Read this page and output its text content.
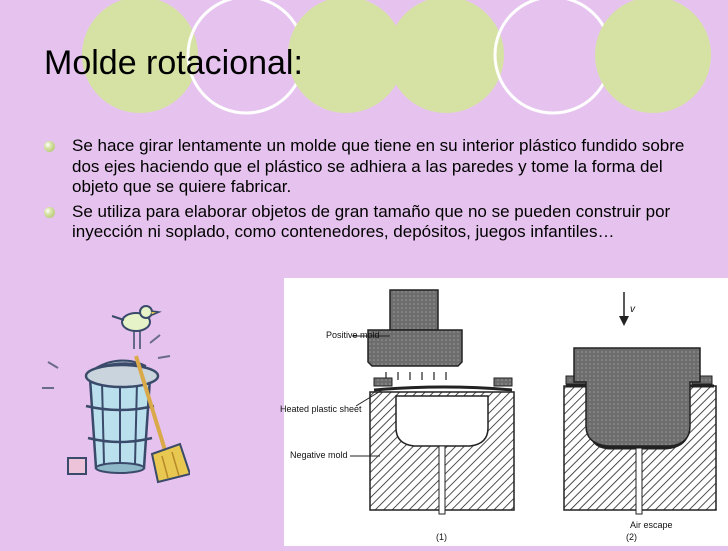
Molde rotacional:
Se hace girar lentamente un molde que tiene en su interior plástico fundido sobre dos ejes haciendo que el plástico se adhiera a las paredes y tome la forma del objeto que se quiere fabricar.
Se utiliza para elaborar objetos de gran tamaño que no se pueden construir por inyección ni soplado, como contenedores, depósitos, juegos infantiles…
Positive mold
Heated plastic sheet
Negative mold
v
Air escape
(1)	(2)
